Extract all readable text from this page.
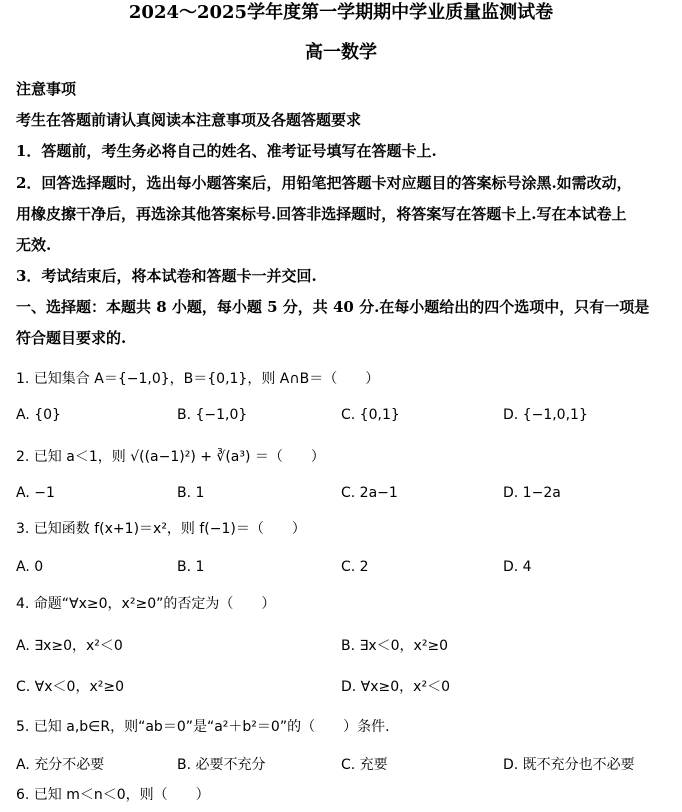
2024～2025学年度第一学期期中学业质量监测试卷
高一数学
注意事项
考生在答题前请认真阅读本注意事项及各题答题要求
1．答题前，考生务必将自己的姓名、准考证号填写在答题卡上.
2．回答选择题时，选出每小题答案后，用铅笔把答题卡对应题目的答案标号涂黑.如需改动，
用橡皮擦干净后，再选涂其他答案标号.回答非选择题时，将答案写在答题卡上.写在本试卷上
无效.
3．考试结束后，将本试卷和答题卡一并交回.
一、选择题：本题共 8 小题，每小题 5 分，共 40 分.在每小题给出的四个选项中，只有一项是
符合题目要求的.
1. 已知集合 A＝{−1,0}，B＝{0,1}，则 A∩B＝（　　）
A. {0}	B. {−1,0}	C. {0,1}	D. {−1,0,1}
2. 已知 a＜1，则 √((a−1)²) + ∛(a³) ＝（　　）
A. −1	B. 1	C. 2a−1	D. 1−2a
3. 已知函数 f(x+1)＝x²，则 f(−1)＝（　　）
A. 0	B. 1	C. 2	D. 4
4. 命题“∀x≥0，x²≥0”的否定为（　　）
A. ∃x≥0，x²＜0	B. ∃x＜0，x²≥0
C. ∀x＜0，x²≥0	D. ∀x≥0，x²＜0
5. 已知 a,b∈R，则“ab＝0”是“a²＋b²＝0”的（　　）条件.
A. 充分不必要	B. 必要不充分	C. 充要	D. 既不充分也不必要
6. 已知 m＜n＜0，则（　　）
